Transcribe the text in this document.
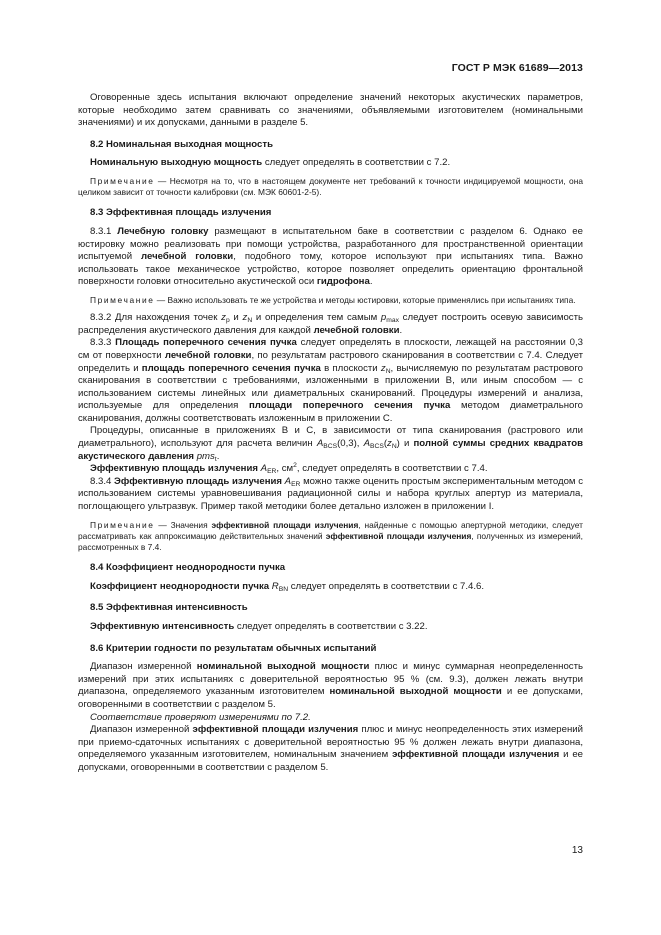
ГОСТ Р МЭК 61689—2013

Оговоренные здесь испытания включают определение значений некоторых акустических параметров, которые необходимо затем сравнивать со значениями, объявляемыми изготовителем (номинальными значениями) и их допусками, данными в разделе 5.

8.2 Номинальная выходная мощность

Номинальную выходную мощность следует определять в соответствии с 7.2.

Примечание — Несмотря на то, что в настоящем документе нет требований к точности индицируемой мощности, она целиком зависит от точности калибровки (см. МЭК 60601-2-5).

8.3 Эффективная площадь излучения

8.3.1 Лечебную головку размещают в испытательном баке в соответствии с разделом 6. Однако ее юстировку можно реализовать при помощи устройства, разработанного для пространственной ориентации испытуемой лечебной головки, подобного тому, которое используют при испытаниях типа. Важно использовать такое механическое устройство, которое позволяет определить ориентацию фронтальной поверхности головки относительно акустической оси гидрофона.

Примечание — Важно использовать те же устройства и методы юстировки, которые применялись при испытаниях типа.

8.3.2 Для нахождения точек $z_p$ и $z_N$ и определения тем самым $p_{max}$ следует построить осевую зависимость распределения акустического давления для каждой лечебной головки.

8.3.3 Площадь поперечного сечения пучка следует определять в плоскости, лежащей на расстоянии 0,3 см от поверхности лечебной головки, по результатам растрового сканирования в соответствии с 7.4. Следует определить и площадь поперечного сечения пучка в плоскости $z_N$, вычисляемую по результатам растрового сканирования в соответствии с требованиями, изложенными в приложении В, или иным способом — с использованием системы линейных или диаметральных сканирований. Процедуры измерений и анализа, используемые для определения площади поперечного сечения пучка методом диаметрального сканирования, должны соответствовать изложенным в приложении С.

Процедуры, описанные в приложениях В и С, в зависимости от типа сканирования (растрового или диаметрального), используют для расчета величин $A_{BCS}(0,3)$, $A_{BCS}(z_N)$ и полной суммы средних квадратов акустического давления pms$_t$.

Эффективную площадь излучения $A_{ER}$, $см^2$, следует определять в соответствии с 7.4.

8.3.4 Эффективную площадь излучения $A_{ER}$ можно также оценить простым экспериментальным методом с использованием системы уравновешивания радиационной силы и набора круглых апертур из материала, поглощающего ультразвук. Пример такой методики более детально изложен в приложении I.

Примечание — Значения эффективной площади излучения, найденные с помощью апертурной методики, следует рассматривать как аппроксимацию действительных значений эффективной площади излучения, полученных из измерений, рассмотренных в 7.4.

8.4 Коэффициент неоднородности пучка

Коэффициент неоднородности пучка $R_{BN}$ следует определять в соответствии с 7.4.6.

8.5 Эффективная интенсивность

Эффективную интенсивность следует определять в соответствии с 3.22.

8.6 Критерии годности по результатам обычных испытаний

Диапазон измеренной номинальной выходной мощности плюс и минус суммарная неопределенность измерений при этих испытаниях с доверительной вероятностью 95 % (см. 9.3), должен лежать внутри диапазона, определяемого указанным изготовителем номинальной выходной мощности и ее допусками, оговоренными в соответствии с разделом 5.

Соответствие проверяют измерениями по 7.2.

Диапазон измеренной эффективной площади излучения плюс и минус неопределенность этих измерений при приемо-сдаточных испытаниях с доверительной вероятностью 95 % должен лежать внутри диапазона, определяемого указанным изготовителем, номинальным значением эффективной площади излучения и ее допусками, оговоренными в соответствии с разделом 5.

13
